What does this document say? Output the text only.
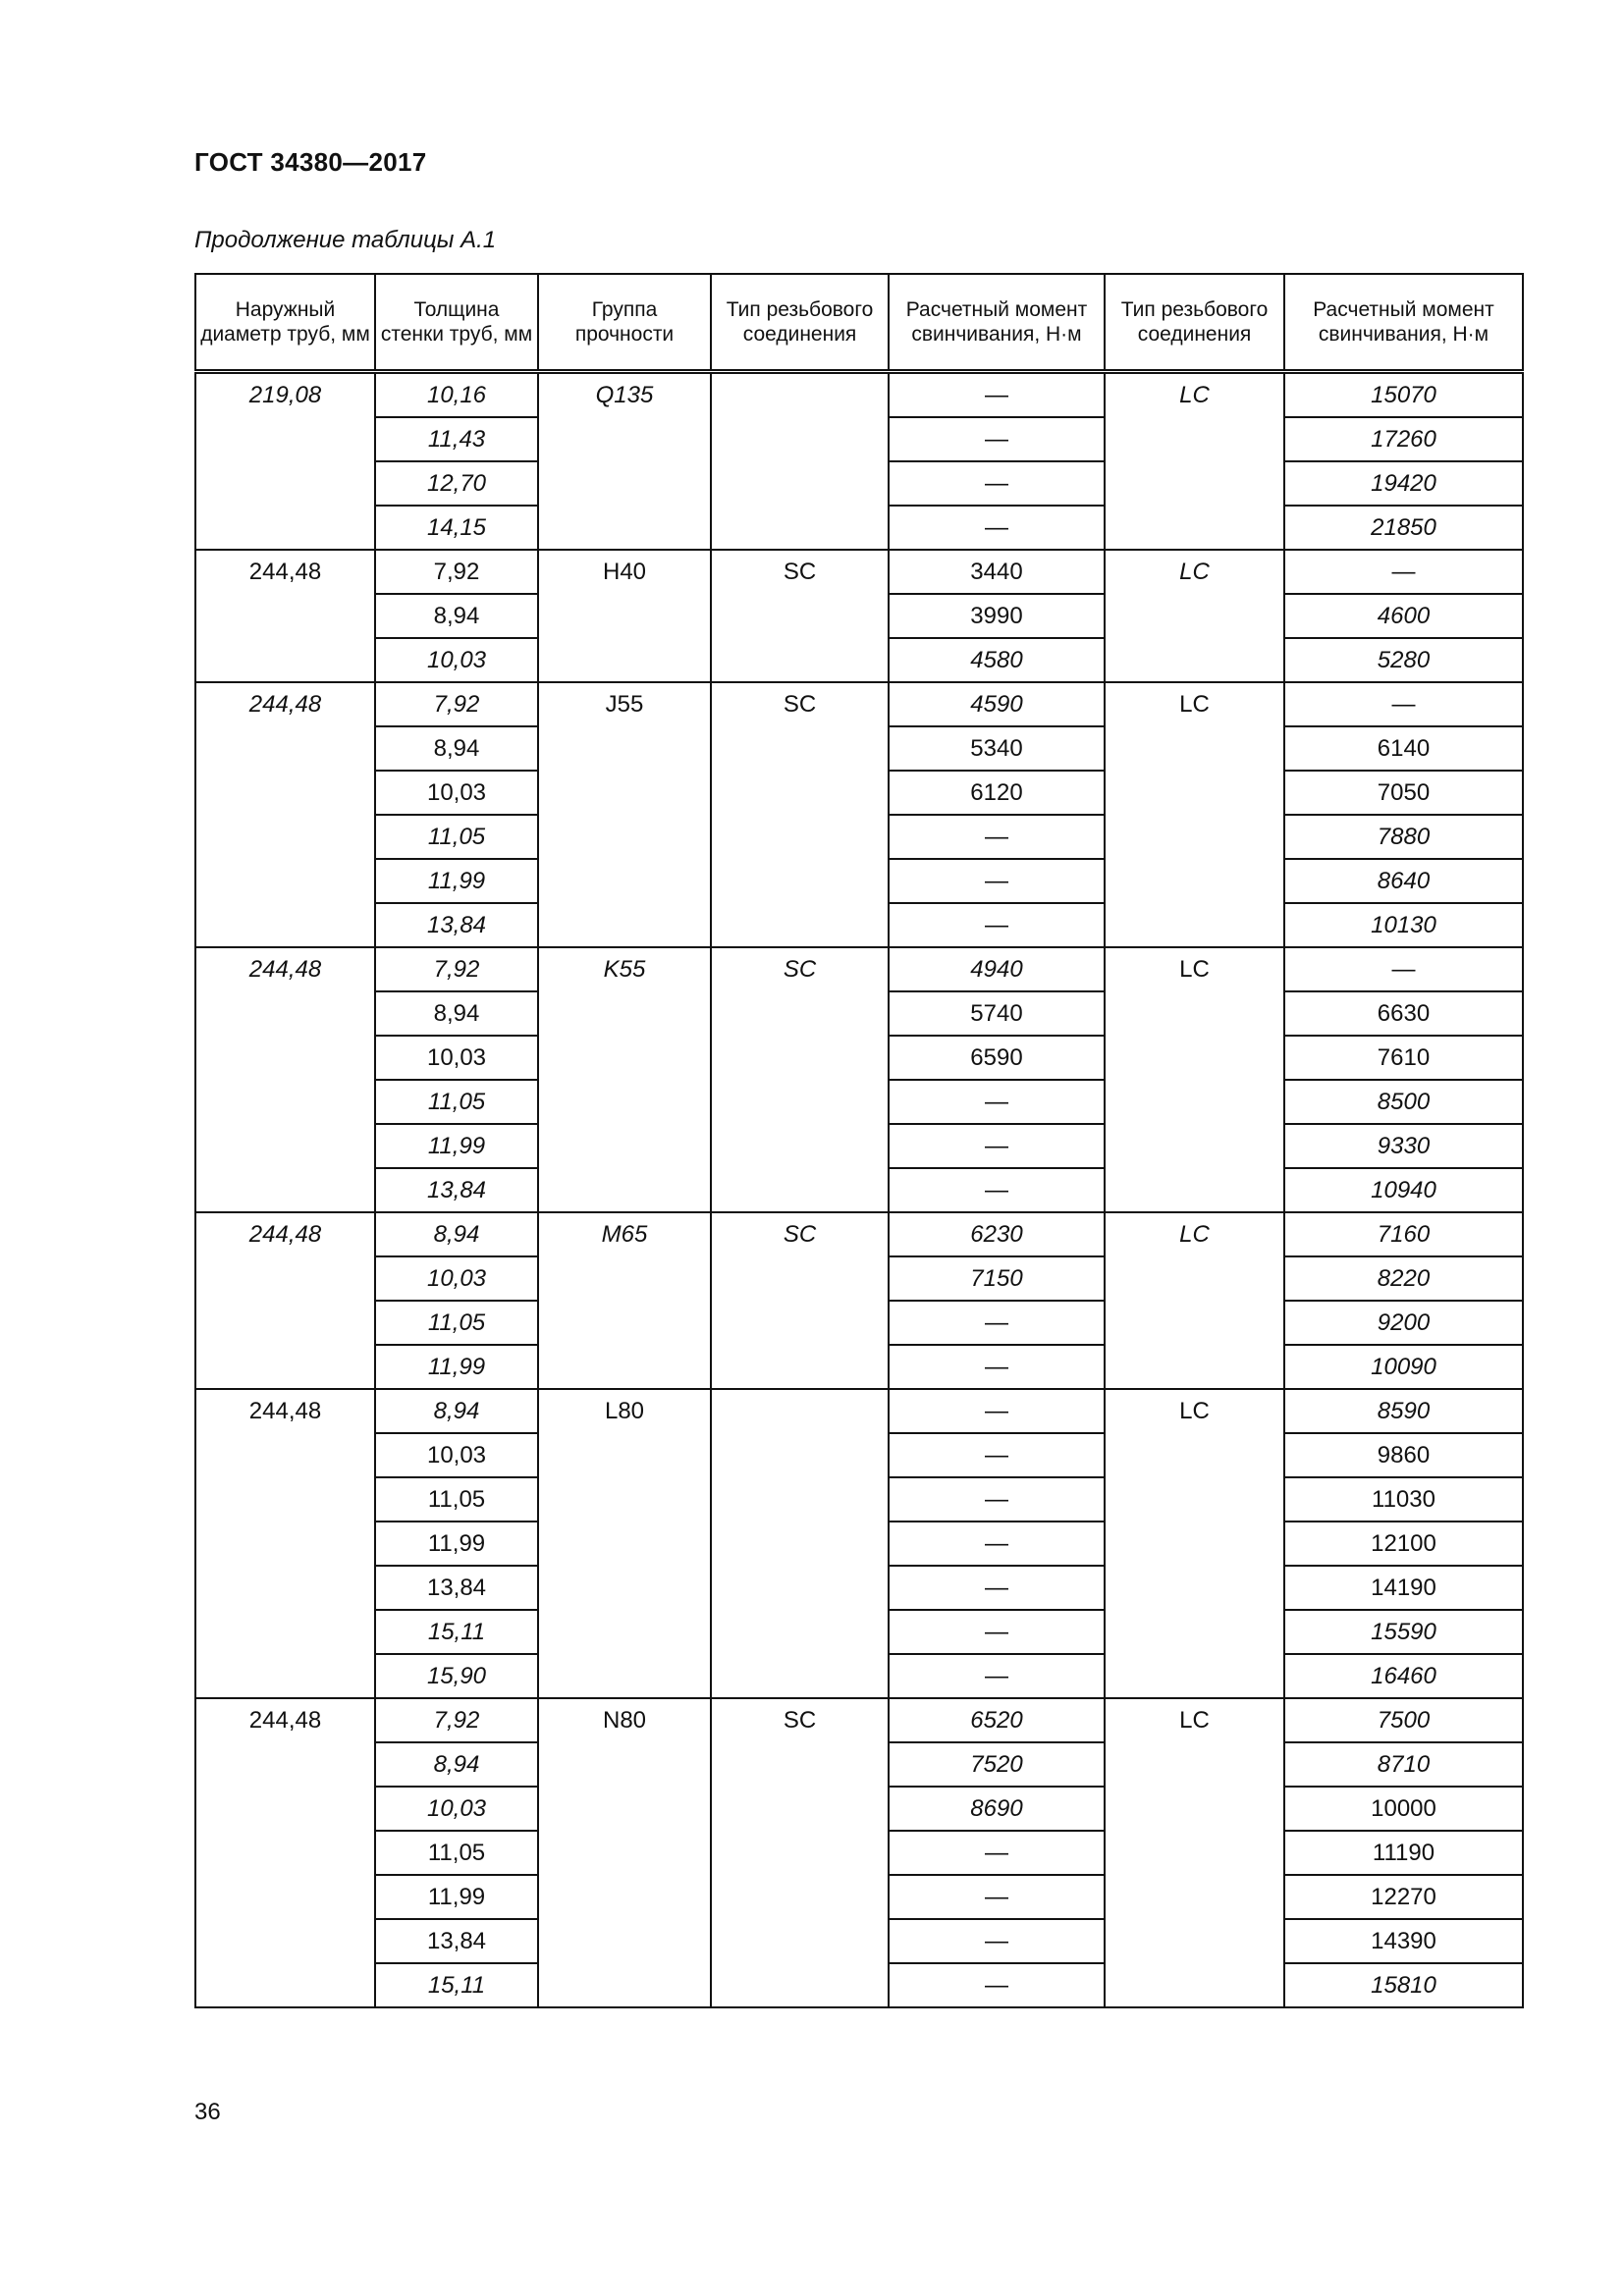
ГОСТ 34380—2017
Продолжение таблицы А.1
Наружный диаметр труб, мм	Толщина стенки труб, мм	Группа прочности	Тип резьбового соединения	Расчетный момент свинчивания, Н·м	Тип резьбового соединения	Расчетный момент свинчивания, Н·м
219,08	10,16	Q135		—	LC	15070
	11,43			—		17260
	12,70			—		19420
	14,15			—		21850
244,48	7,92	H40	SC	3440	LC	—
	8,94			3990		4600
	10,03			4580		5280
244,48	7,92	J55	SC	4590	LC	—
	8,94			5340		6140
	10,03			6120		7050
	11,05			—		7880
	11,99			—		8640
	13,84			—		10130
244,48	7,92	K55	SC	4940	LC	—
	8,94			5740		6630
	10,03			6590		7610
	11,05			—		8500
	11,99			—		9330
	13,84			—		10940
244,48	8,94	M65	SC	6230	LC	7160
	10,03			7150		8220
	11,05			—		9200
	11,99			—		10090
244,48	8,94	L80		—	LC	8590
	10,03			—		9860
	11,05			—		11030
	11,99			—		12100
	13,84			—		14190
	15,11			—		15590
	15,90			—		16460
244,48	7,92	N80	SC	6520	LC	7500
	8,94			7520		8710
	10,03			8690		10000
	11,05			—		11190
	11,99			—		12270
	13,84			—		14390
	15,11			—		15810
36
